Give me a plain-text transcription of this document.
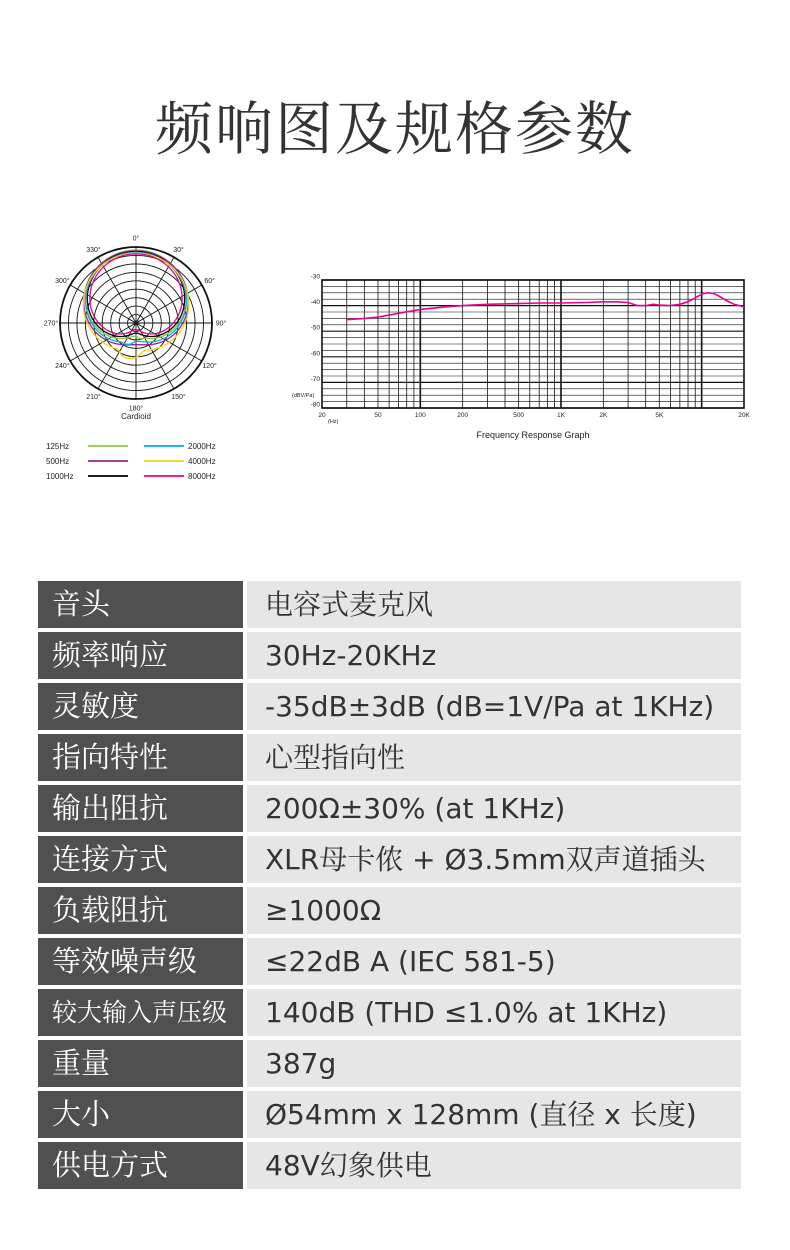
频响图及规格参数
0°
30°
60°
90°
120°
150°
180°
210°
240°
270°
300°
330°
dB
Cardioid
125Hz
500Hz
1000Hz
2000Hz
4000Hz
8000Hz
-30
-40
-50
-60
-70
-80
20	50	100	200	500	1K	2K	5K	20K
(dBV/Pa)
(Hz)
Frequency Response Graph
音头	电容式麦克风
频率响应	30Hz-20KHz
灵敏度	-35dB±3dB (dB=1V/Pa at 1KHz)
指向特性	心型指向性
输出阻抗	200Ω±30% (at 1KHz)
连接方式	XLR母卡侬 + Ø3.5mm双声道插头
负载阻抗	≥1000Ω
等效噪声级	≤22dB A (IEC 581-5)
较大输入声压级	140dB (THD ≤1.0% at 1KHz)
重量	387g
大小	Ø54mm x 128mm (直径 x 长度)
供电方式	48V幻象供电
